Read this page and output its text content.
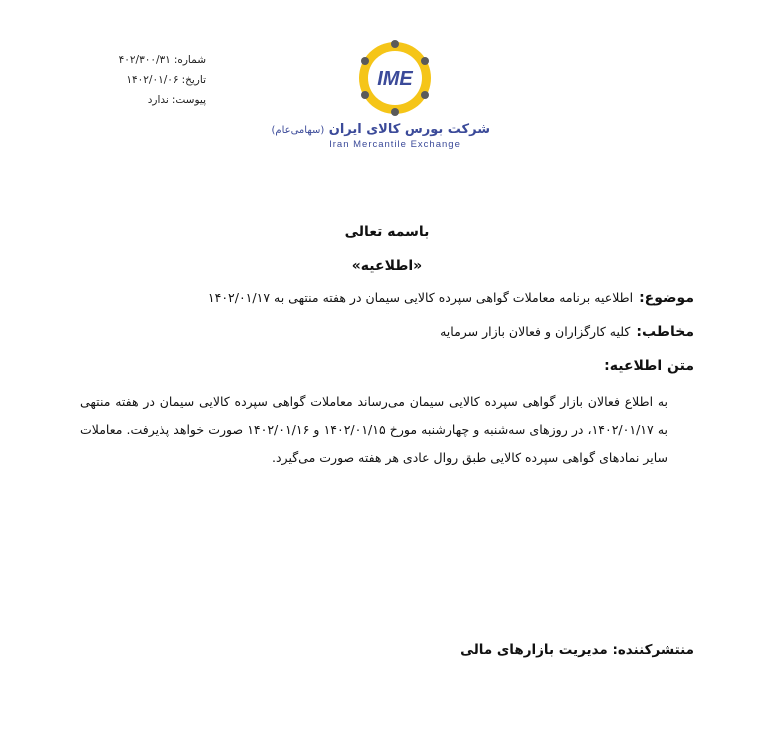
شماره:۴۰۲/۳۰۰/۳۱
تاریخ:۱۴۰۲/۰۱/۰۶
پیوست:ندارد
IME
شرکت بورس کالای ایران (سهامی‌عام)
Iran Mercantile Exchange
باسمه تعالی
«اطلاعیه»
موضوع:اطلاعیه برنامه معاملات گواهی سپرده کالایی سیمان در هفته منتهی به ۱۴۰۲/۰۱/۱۷
مخاطب:کلیه کارگزاران و فعالان بازار سرمایه
متن اطلاعیه:
به اطلاع فعالان بازار گواهی سپرده کالایی سیمان می‌رساند معاملات گواهی سپرده کالایی سیمان در هفته منتهی به ۱۴۰۲/۰۱/۱۷، در روزهای سه‌شنبه و چهارشنبه مورخ ۱۴۰۲/۰۱/۱۵ و ۱۴۰۲/۰۱/۱۶ صورت خواهد پذیرفت. معاملات سایر نمادهای گواهی سپرده کالایی طبق روال عادی هر هفته صورت می‌گیرد.
منتشرکننده: مدیریت بازارهای مالی
